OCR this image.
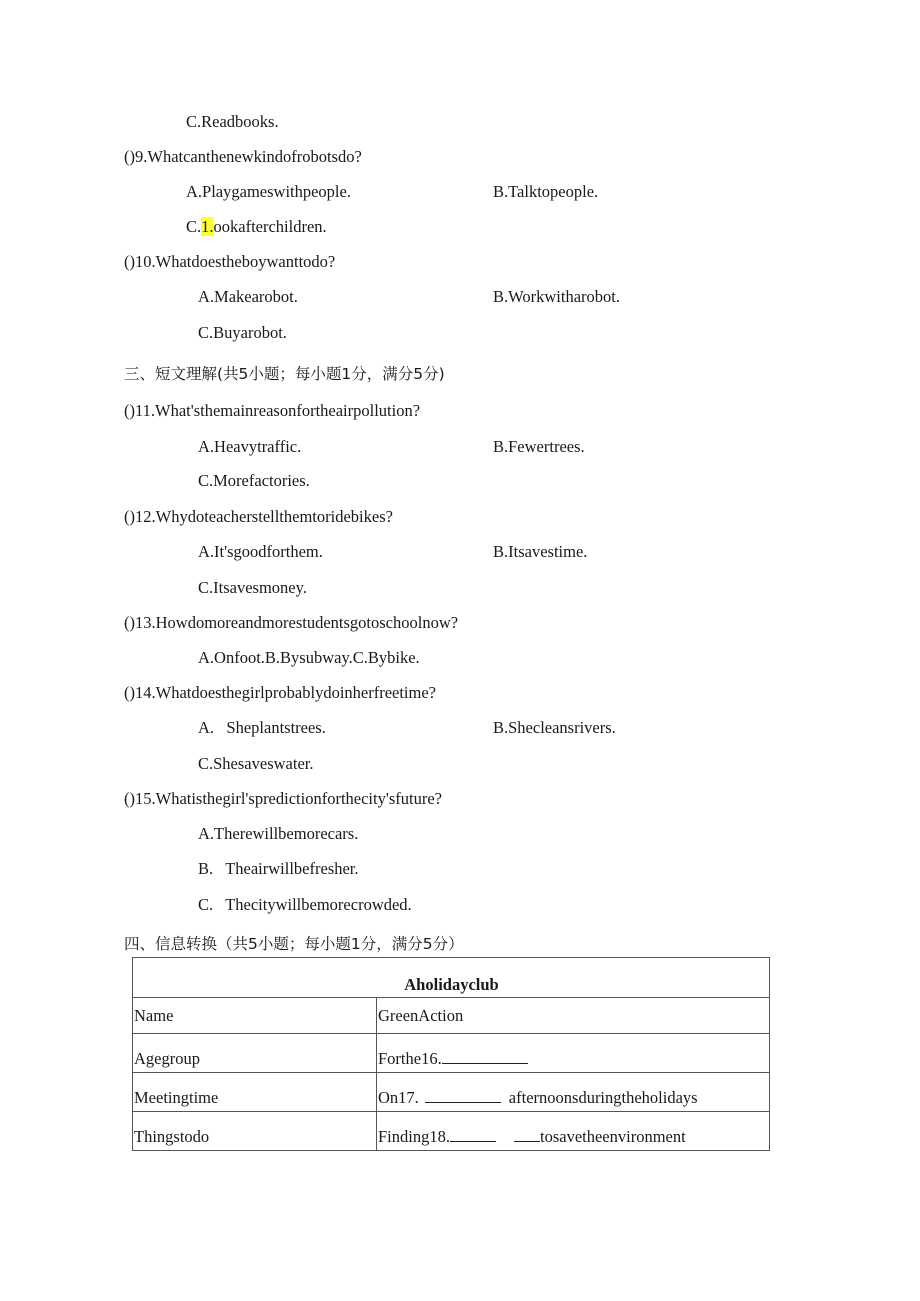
C.Readbooks.
()9.Whatcanthenewkindofrobotsdo?
A.Playgameswithpeople.	B.Talktopeople.
C.1.ookafterchildren.
()10.Whatdoestheboywanttodo?
A.Makearobot.	B.Workwitharobot.
C.Buyarobot.
三、短文理解(共5小题；每小题1分，满分5分)
()11.What'sthemainreasonfortheairpollution?
A.Heavytraffic.	B.Fewertrees.
C.Morefactories.
()12.Whydoteacherstellthemtoridebikes?
A.It'sgoodforthem.	B.Itsavestime.
C.Itsavesmoney.
()13.Howdomoreandmorestudentsgotoschoolnow?
A.Onfoot.B.Bysubway.C.Bybike.
()14.Whatdoesthegirlprobablydoinherfreetime?
A.   Sheplantstrees.	B.Shecleansrivers.
C.Shesaveswater.
()15.Whatisthegirl'spredictionforthecity'sfuture?
A.Therewillbemorecars.
B.   Theairwillbefresher.
C.   Thecitywillbemorecrowded.
四、信息转换（共5小题；每小题1分，满分5分）
Aholidayclub	
Name	GreenAction
Agegroup	Forthe16.
Meetingtime	On17. afternoonsduringtheholidays
Thingstodo	Finding18. tosavetheenvironment
